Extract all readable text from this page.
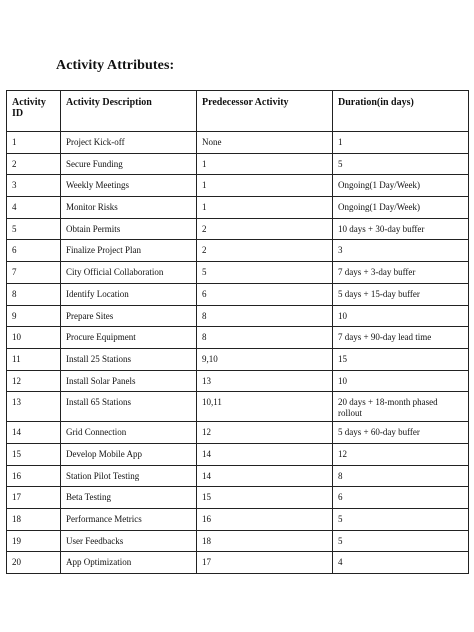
Activity Attributes:
Activity
ID	Activity Description	Predecessor Activity	Duration(in days)
1	Project Kick-off	None	1
2	Secure Funding	1	5
3	Weekly Meetings	1	Ongoing(1 Day/Week)
4	Monitor Risks	1	Ongoing(1 Day/Week)
5	Obtain Permits	2	10 days + 30-day buffer
6	Finalize Project Plan	2	3
7	City Official Collaboration	5	7 days + 3-day buffer
8	Identify Location	6	5 days + 15-day buffer
9	Prepare Sites	8	10
10	Procure Equipment	8	7 days + 90-day lead time
11	Install 25 Stations	9,10	15
12	Install Solar Panels	13	10
13	Install 65 Stations	10,11	20 days + 18-month phased rollout
14	Grid Connection	12	5 days + 60-day buffer
15	Develop Mobile App	14	12
16	Station Pilot Testing	14	8
17	Beta Testing	15	6
18	Performance Metrics	16	5
19	User Feedbacks	18	5
20	App Optimization	17	4
